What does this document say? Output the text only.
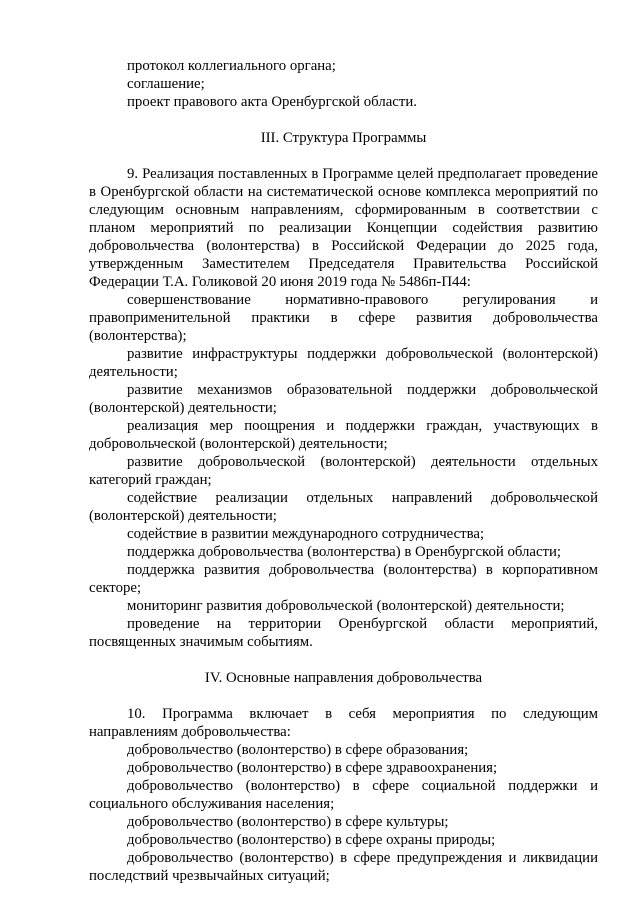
протокол коллегиального органа;

соглашение;

проект правового акта Оренбургской области.

III. Структура Программы

9. Реализация поставленных в Программе целей предполагает проведение в Оренбургской области на систематической основе комплекса мероприятий по следующим основным направлениям, сформированным в соответствии с планом мероприятий по реализации Концепции содействия развитию добровольчества (волонтерства) в Российской Федерации до 2025 года, утвержденным Заместителем Председателя Правительства Российской Федерации Т.А. Голиковой 20 июня 2019 года № 5486п-П44:

совершенствование нормативно-правового регулирования и правоприменительной практики в сфере развития добровольчества (волонтерства);

развитие инфраструктуры поддержки добровольческой (волонтерской) деятельности;

развитие механизмов образовательной поддержки добровольческой (волонтерской) деятельности;

реализация мер поощрения и поддержки граждан, участвующих в добровольческой (волонтерской) деятельности;

развитие добровольческой (волонтерской) деятельности отдельных категорий граждан;

содействие реализации отдельных направлений добровольческой (волонтерской) деятельности;

содействие в развитии международного сотрудничества;

поддержка добровольчества (волонтерства) в Оренбургской области;

поддержка развития добровольчества (волонтерства) в корпоративном секторе;

мониторинг развития добровольческой (волонтерской) деятельности;

проведение на территории Оренбургской области мероприятий, посвященных значимым событиям.

IV. Основные направления добровольчества

10. Программа включает в себя мероприятия по следующим направлениям добровольчества:

добровольчество (волонтерство) в сфере образования;

добровольчество (волонтерство) в сфере здравоохранения;

добровольчество (волонтерство) в сфере социальной поддержки и социального обслуживания населения;

добровольчество (волонтерство) в сфере культуры;

добровольчество (волонтерство) в сфере охраны природы;

добровольчество (волонтерство) в сфере предупреждения и ликвидации последствий чрезвычайных ситуаций;
